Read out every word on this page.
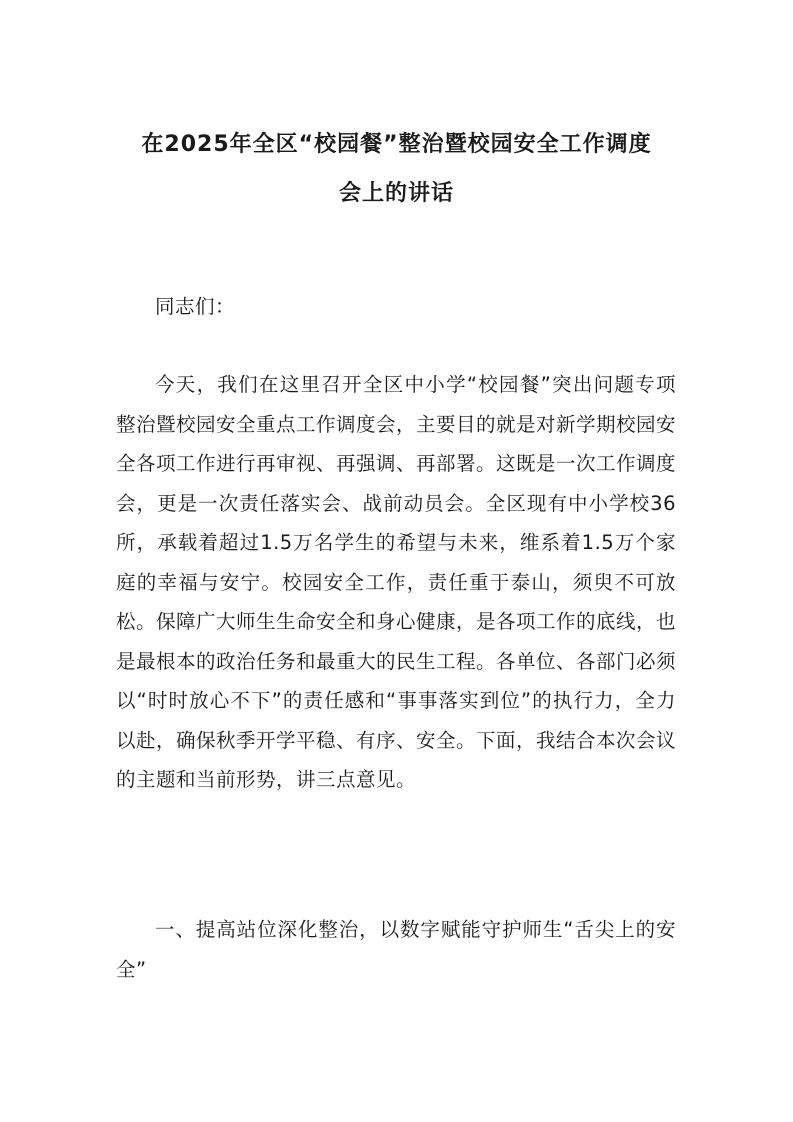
在2025年全区“校园餐”整治暨校园安全工作调度
会上的讲话
同志们：
今天，我们在这里召开全区中小学“校园餐”突出问题专项整治暨校园安全重点工作调度会，主要目的就是对新学期校园安全各项工作进行再审视、再强调、再部署。这既是一次工作调度会，更是一次责任落实会、战前动员会。全区现有中小学校36所，承载着超过1.5万名学生的希望与未来，维系着1.5万个家庭的幸福与安宁。校园安全工作，责任重于泰山，须臾不可放松。保障广大师生生命安全和身心健康，是各项工作的底线，也是最根本的政治任务和最重大的民生工程。各单位、各部门必须以“时时放心不下”的责任感和“事事落实到位”的执行力，全力以赴，确保秋季开学平稳、有序、安全。下面，我结合本次会议的主题和当前形势，讲三点意见。
一、提高站位深化整治，以数字赋能守护师生“舌尖上的安全”
